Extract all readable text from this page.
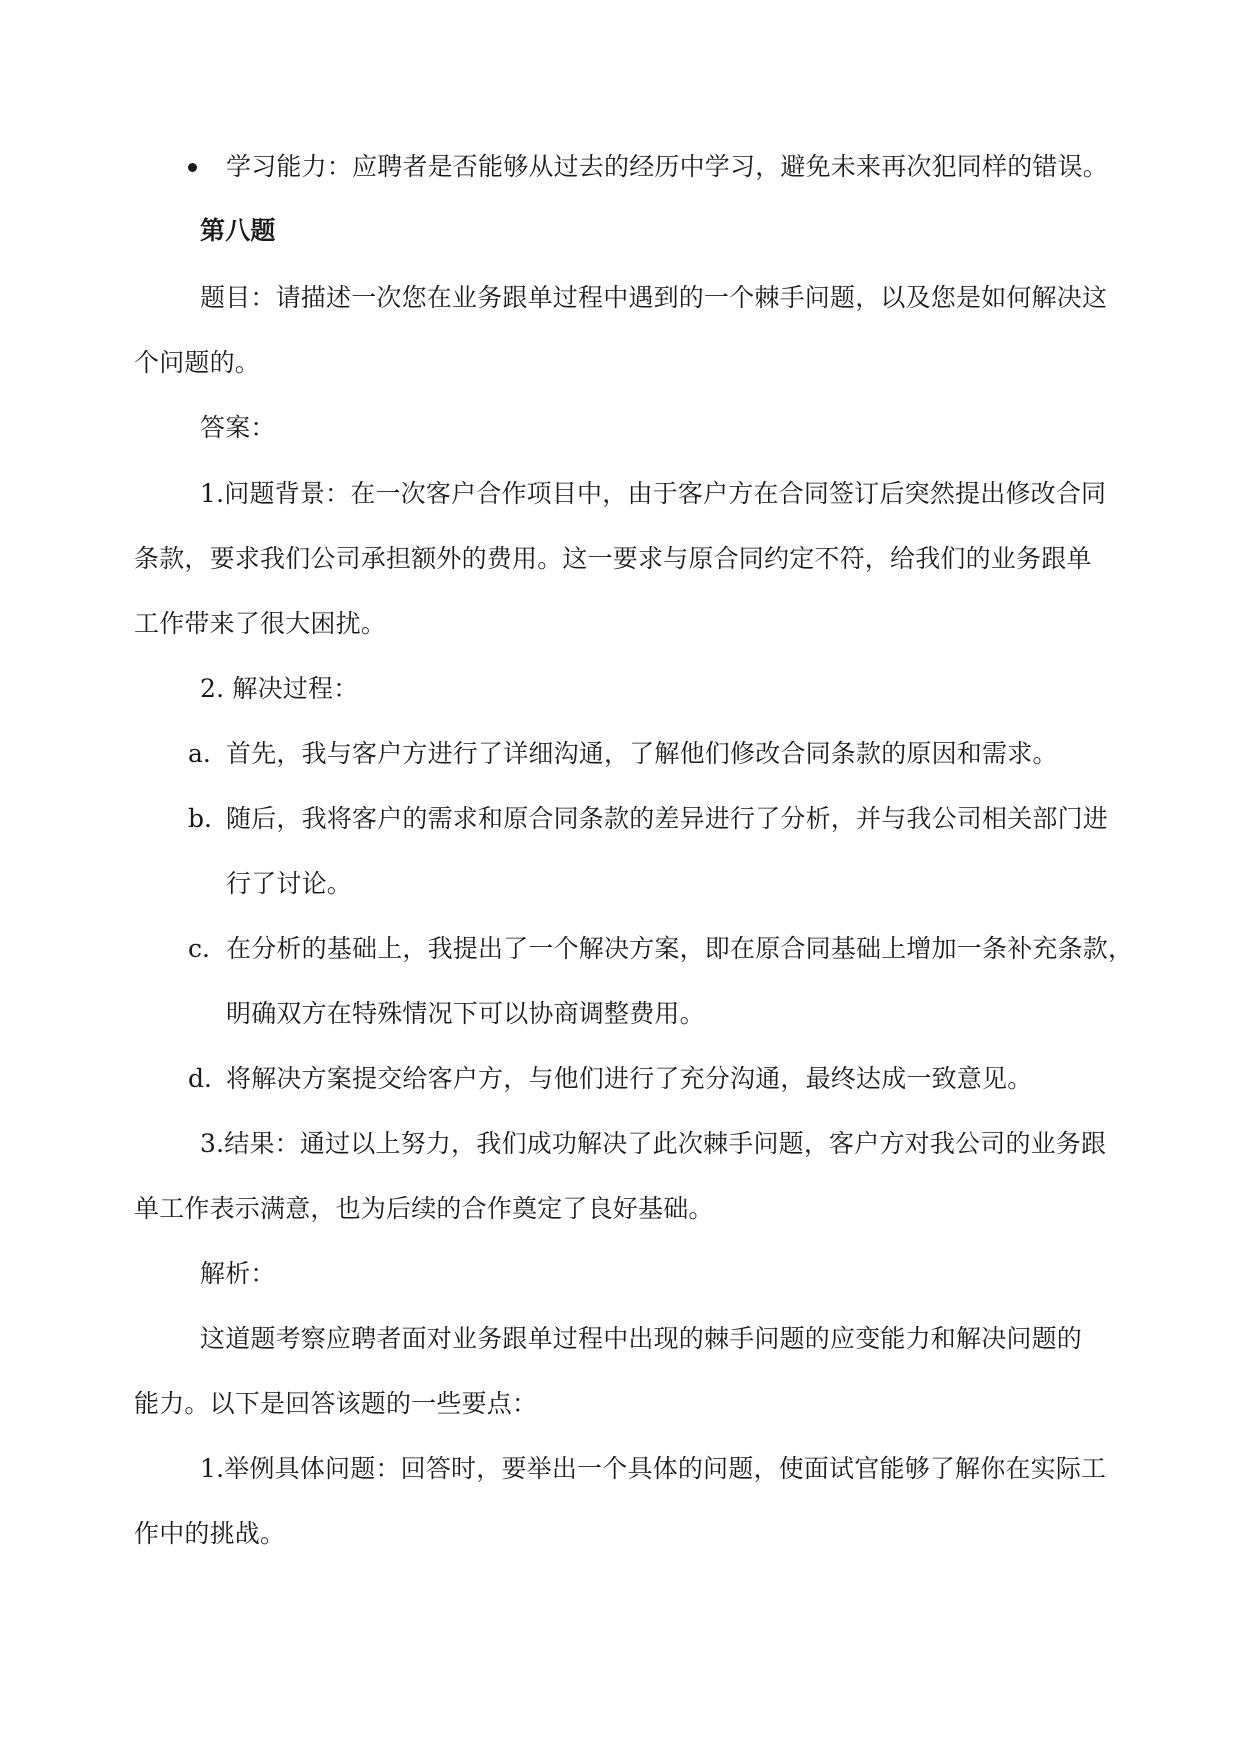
学习能力：应聘者是否能够从过去的经历中学习，避免未来再次犯同样的错误。
第八题
题目：请描述一次您在业务跟单过程中遇到的一个棘手问题，以及您是如何解决这
个问题的。
答案：
1.问题背景：在一次客户合作项目中，由于客户方在合同签订后突然提出修改合同
条款，要求我们公司承担额外的费用。这一要求与原合同约定不符，给我们的业务跟单
工作带来了很大困扰。
2. 解决过程：
a. 首先，我与客户方进行了详细沟通，了解他们修改合同条款的原因和需求。
b. 随后，我将客户的需求和原合同条款的差异进行了分析，并与我公司相关部门进
行了讨论。
c. 在分析的基础上，我提出了一个解决方案，即在原合同基础上增加一条补充条款，
明确双方在特殊情况下可以协商调整费用。
d. 将解决方案提交给客户方，与他们进行了充分沟通，最终达成一致意见。
3.结果：通过以上努力，我们成功解决了此次棘手问题，客户方对我公司的业务跟
单工作表示满意，也为后续的合作奠定了良好基础。
解析：
这道题考察应聘者面对业务跟单过程中出现的棘手问题的应变能力和解决问题的
能力。以下是回答该题的一些要点：
1.举例具体问题：回答时，要举出一个具体的问题，使面试官能够了解你在实际工
作中的挑战。
